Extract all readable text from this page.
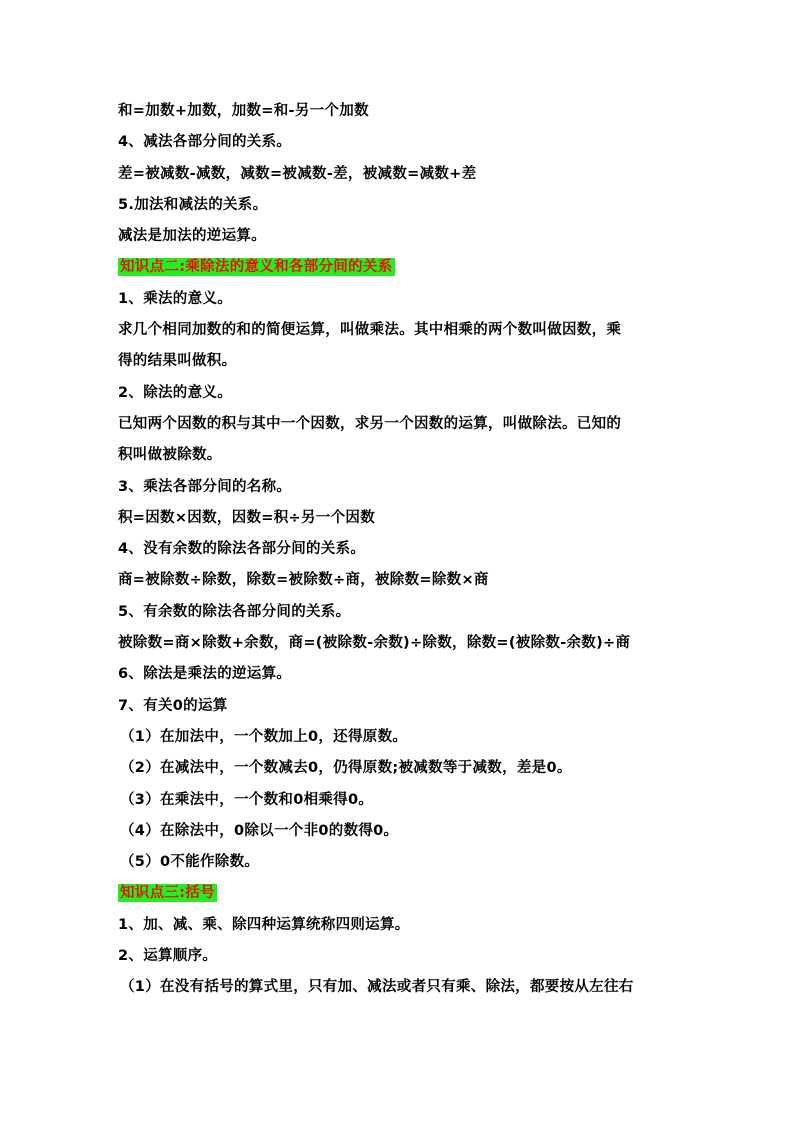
和=加数+加数，加数=和-另一个加数
4、减法各部分间的关系。
差=被减数-减数，减数=被减数-差，被减数=减数+差
5.加法和减法的关系。
减法是加法的逆运算。
知识点二:乘除法的意义和各部分间的关系
1、乘法的意义。
求几个相同加数的和的简便运算，叫做乘法。其中相乘的两个数叫做因数，乘
得的结果叫做积。
2、除法的意义。
已知两个因数的积与其中一个因数，求另一个因数的运算，叫做除法。已知的
积叫做被除数。
3、乘法各部分间的名称。
积=因数×因数，因数=积÷另一个因数
4、没有余数的除法各部分间的关系。
商=被除数÷除数，除数=被除数÷商，被除数=除数×商
5、有余数的除法各部分间的关系。
被除数=商×除数+余数，商=(被除数-余数)÷除数，除数=(被除数-余数)÷商
6、除法是乘法的逆运算。
7、有关0的运算
（1）在加法中，一个数加上0，还得原数。
（2）在减法中，一个数减去0，仍得原数;被减数等于减数，差是0。
（3）在乘法中，一个数和0相乘得0。
（4）在除法中，0除以一个非0的数得0。
（5）0不能作除数。
知识点三:括号
1、加、减、乘、除四种运算统称四则运算。
2、运算顺序。
（1）在没有括号的算式里，只有加、减法或者只有乘、除法，都要按从左往右
